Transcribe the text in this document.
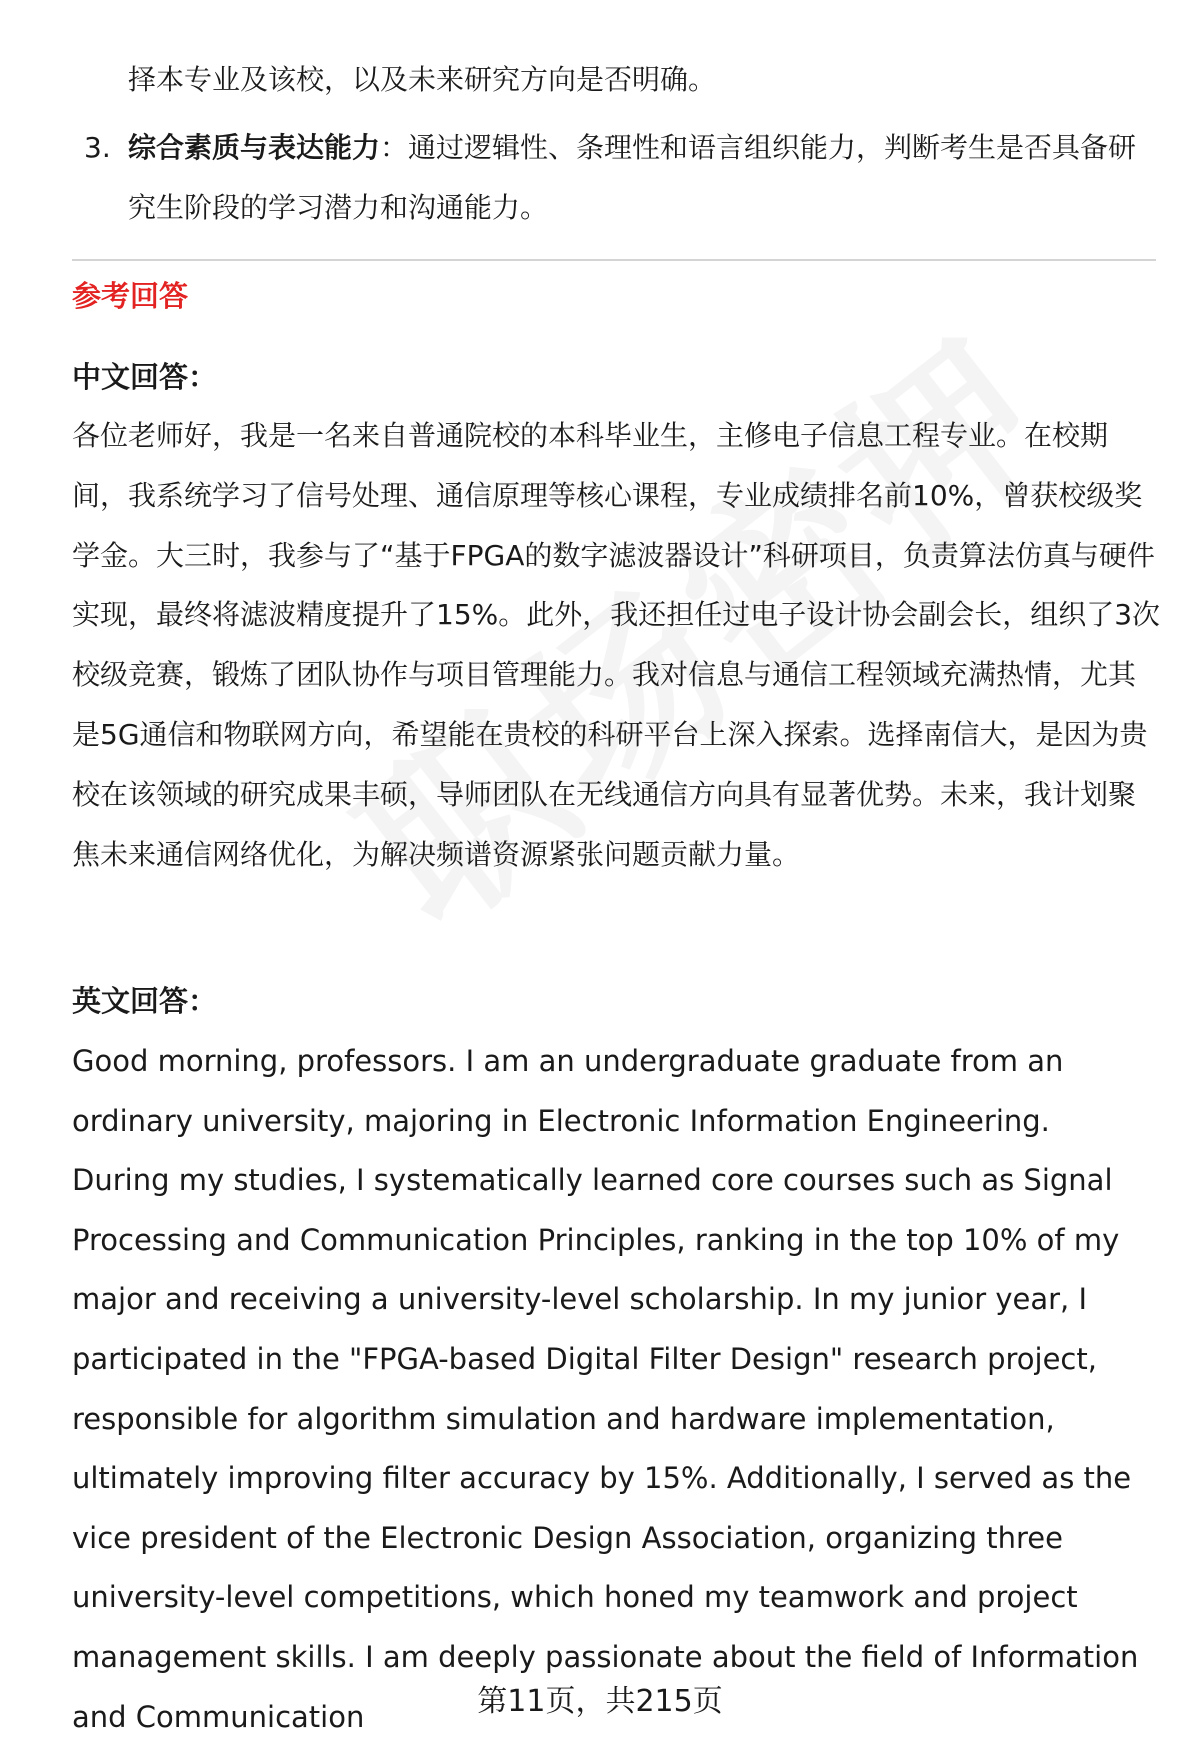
择本专业及该校，以及未来研究方向是否明确。

3. 综合素质与表达能力：通过逻辑性、条理性和语言组织能力，判断考生是否具备研究生阶段的学习潜力和沟通能力。

参考回答
中文回答：

各位老师好，我是一名来自普通院校的本科毕业生，主修电子信息工程专业。在校期间，我系统学习了信号处理、通信原理等核心课程，专业成绩排名前10%，曾获校级奖学金。大三时，我参与了“基于FPGA的数字滤波器设计”科研项目，负责算法仿真与硬件实现，最终将滤波精度提升了15%。此外，我还担任过电子设计协会副会长，组织了3次校级竞赛，锻炼了团队协作与项目管理能力。我对信息与通信工程领域充满热情，尤其是5G通信和物联网方向，希望能在贵校的科研平台上深入探索。选择南信大，是因为贵校在该领域的研究成果丰硕，导师团队在无线通信方向具有显著优势。未来，我计划聚焦未来通信网络优化，为解决频谱资源紧张问题贡献力量。

英文回答：

Good morning, professors. I am an undergraduate graduate from an ordinary university, majoring in Electronic Information Engineering. During my studies, I systematically learned core courses such as Signal Processing and Communication Principles, ranking in the top 10% of my major and receiving a university-level scholarship. In my junior year, I participated in the "FPGA-based Digital Filter Design" research project, responsible for algorithm simulation and hardware implementation, ultimately improving filter accuracy by 15%. Additionally, I served as the vice president of the Electronic Design Association, organizing three university-level competitions, which honed my teamwork and project management skills. I am deeply passionate about the field of Information and Communication	第11页，共215页
